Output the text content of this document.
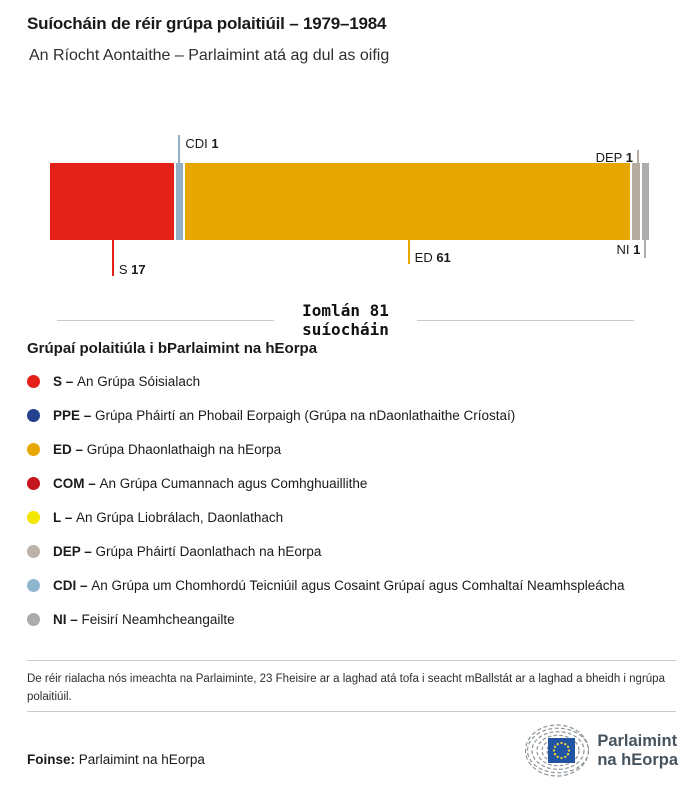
Suíocháin de réir grúpa polaitiúil – 1979–1984
An Ríocht Aontaithe – Parlaimint atá ag dul as oifig
S 17
CDI 1
ED 61
DEP 1
NI 1
Iomlán 81
suíocháin
Grúpaí polaitiúla i bParlaimint na hEorpa
S – An Grúpa Sóisialach
PPE – Grúpa Pháirtí an Phobail Eorpaigh (Grúpa na nDaonlathaithe Críostaí)
ED – Grúpa Dhaonlathaigh na hEorpa
COM – An Grúpa Cumannach agus Comhghuaillithe
L – An Grúpa Liobrálach, Daonlathach
DEP – Grúpa Pháirtí Daonlathach na hEorpa
CDI – An Grúpa um Chomhordú Teicniúil agus Cosaint Grúpaí agus Comhaltaí Neamhspleácha
NI – Feisirí Neamhcheangailte
De réir rialacha nós imeachta na Parlaiminte, 23 Fheisire ar a laghad atá tofa i seacht mBallstát ar a laghad a bheidh i ngrúpa polaitiúil.
Foinse: Parlaimint na hEorpa
Parlaimint
na hEorpa
